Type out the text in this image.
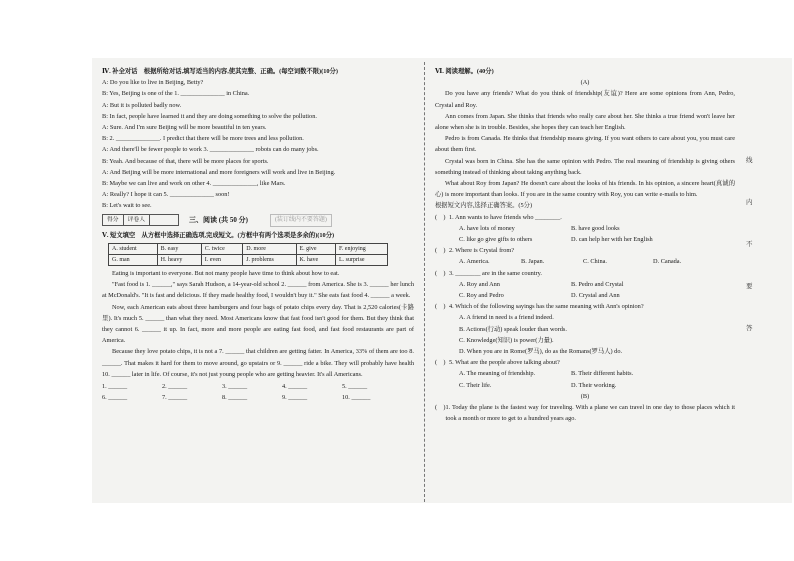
Ⅳ. 补全对话　根据所给对话,填写适当的内容,使其完整、正确。(每空词数不限)(10分)
A: Do you like to live in Beijing, Betty?
B: Yes, Beijing is one of the 1. ______________ in China.
A: But it is polluted badly now.
B: In fact, people have learned it and they are doing something to solve the pollution.
A: Sure. And I'm sure Beijing will be more beautiful in ten years.
B: 2. ______________. I predict that there will be more trees and less pollution.
A: And there'll be fewer people to work 3. ______________ robots can do many jobs.
B: Yeah. And because of that, there will be more places for sports.
A: And Beijing will be more international and more foreigners will work and live in Beijing.
B: Maybe we can live and work on other 4. ______________, like Mars.
A: Really? I hope it can 5. ______________ soon!
B: Let's wait to see.
得分	评卷人	三、阅读 (共 50 分)	(装订线内不要答题)
Ⅴ. 短文填空　从方框中选择正确选项,完成短文。(方框中有两个选项是多余的)(10分)
A. student	B. easy	C. twice	D. more	E. give	F. enjoying
G. man	H. heavy	I. even	J. problems	K. have	L. surprise
Eating is important to everyone. But not many people have time to think about how to eat.
"Fast food is 1. ______," says Sarah Hudson, a 14-year-old school 2. ______ from America. She is 3. ______ her lunch at McDonald's. "It is fast and delicious. If they made healthy food, I wouldn't buy it." She eats fast food 4. ______ a week.
Now, each American eats about three hamburgers and four bags of potato chips every day. That is 2,520 calories(卡路里). It's much 5. ______ than what they need. Most Americans know that fast food isn't good for them. But they think that they cannot 6. ______ it up. In fact, more and more people are eating fast food, and fast food restaurants are part of America.
Because they love potato chips, it is not a 7. ______ that children are getting fatter. In America, 33% of them are too 8. ______. That makes it hard for them to move around, go upstairs or 9. ______ ride a bike. They will probably have health 10. ______ later in life. Of course, it's not just young people who are getting heavier. It's all Americans.
1. ______	2. ______	3. ______	4. ______	5. ______
6. ______	7. ______	8. ______	9. ______	10. ______
Ⅵ. 阅读理解。(40分)
(A)
Do you have any friends? What do you think of friendship(友谊)? Here are some opinions from Ann, Pedro, Crystal and Roy.
Ann comes from Japan. She thinks that friends who really care about her. She thinks a true friend won't leave her alone when she is in trouble. Besides, she hopes they can teach her English.
Pedro is from Canada. He thinks that friendship means giving. If you want others to care about you, you must care about them first.
Crystal was born in China. She has the same opinion with Pedro. The real meaning of friendship is giving others something instead of thinking about taking anything back.
What about Roy from Japan? He doesn't care about the looks of his friends. In his opinion, a sincere heart(真诚的心) is more important than looks. If you are in the same country with Roy, you can write e-mails to him.
根据短文内容,选择正确答案。(5分)
(　) 1. Ann wants to have friends who ________.
A. have lots of money	B. have good looks
C. like go give gifts to others	D. can help her with her English
(　) 2. Where is Crystal from?
A. America.	B. Japan.	C. China.	D. Canada.
(　) 3. ________ are in the same country.
A. Roy and Ann	B. Pedro and Crystal
C. Roy and Pedro	D. Crystal and Ann
(　) 4. Which of the following sayings has the same meaning with Ann's opinion?
A. A friend in need is a friend indeed.
B. Actions(行动) speak louder than words.
C. Knowledge(知识) is power(力量).
D. When you are in Rome(罗马), do as the Romans(罗马人) do.
(　) 5. What are the people above talking about?
A. The meaning of friendship.	B. Their different habits.
C. Their life.	D. Their working.
(B)
(　) 1. Today the plane is the fastest way for traveling. With a plane we can travel in one day to those places which it took a month or more to get to a hundred years ago.
线
内
不
要
答
